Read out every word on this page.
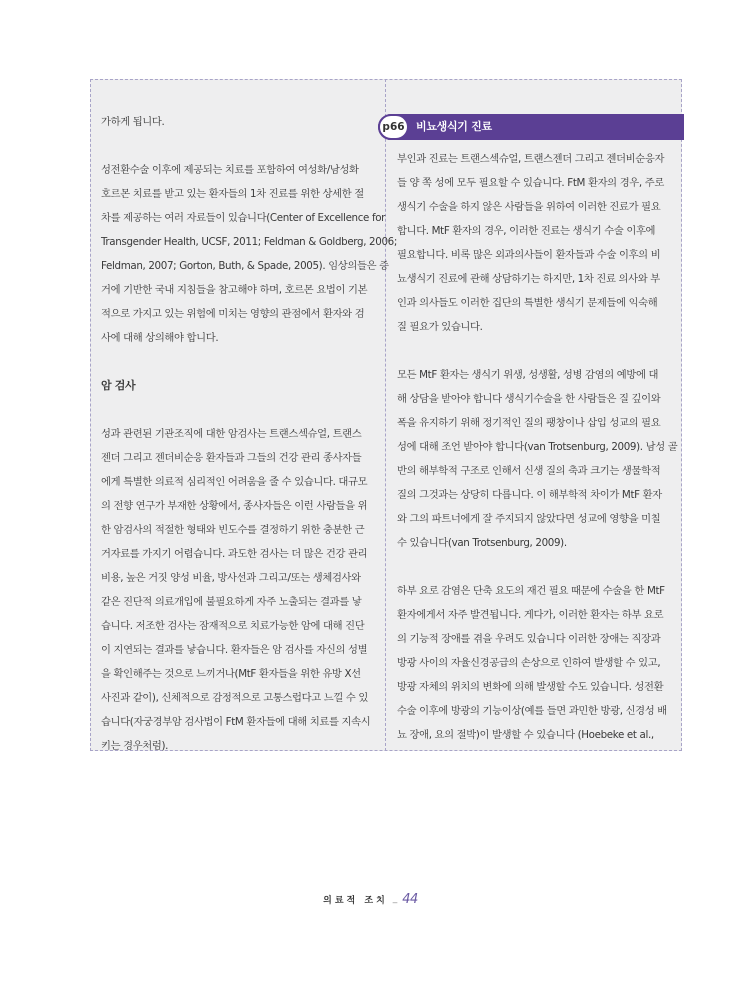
p66	비뇨생식기 진료
가하게 됩니다.
성전환수술 이후에 제공되는 치료를 포함하여 여성화/남성화
호르몬 치료를 받고 있는 환자들의 1차 진료를 위한 상세한 절
차를 제공하는 여러 자료들이 있습니다(Center of Excellence for
Transgender Health, UCSF, 2011; Feldman & Goldberg, 2006;
Feldman, 2007; Gorton, Buth, & Spade, 2005). 임상의들은 증
거에 기반한 국내 지침들을 참고해야 하며, 호르몬 요법이 기본
적으로 가지고 있는 위험에 미치는 영향의 관점에서 환자와 검
사에 대해 상의해야 합니다.
암 검사
성과 관련된 기관조직에 대한 암검사는 트랜스섹슈얼, 트랜스
젠더 그리고 젠더비순응 환자들과 그들의 건강 관리 종사자들
에게 특별한 의료적 심리적인 어려움을 줄 수 있습니다. 대규모
의 전향 연구가 부재한 상황에서, 종사자들은 이런 사람들을 위
한 암검사의 적절한 형태와 빈도수를 결정하기 위한 충분한 근
거자료를 가지기 어렵습니다. 과도한 검사는 더 많은 건강 관리
비용, 높은 거짓 양성 비율, 방사선과 그리고/또는 생체검사와
같은 진단적 의료개입에 불필요하게 자주 노출되는 결과를 낳
습니다. 저조한 검사는 잠재적으로 치료가능한 암에 대해 진단
이 지연되는 결과를 낳습니다. 환자들은 암 검사를 자신의 성별
을 확인해주는 것으로 느끼거나(MtF 환자들을 위한 유방 X선
사진과 같이), 신체적으로 감정적으로 고통스럽다고 느낄 수 있
습니다(자궁경부암 검사법이 FtM 환자들에 대해 치료를 지속시
키는 경우처럼).
부인과 진료는 트랜스섹슈얼, 트랜스젠더 그리고 젠더비순응자
들 양 쪽 성에 모두 필요할 수 있습니다. FtM 환자의 경우, 주로
생식기 수술을 하지 않은 사람들을 위하여 이러한 진료가 필요
합니다. MtF 환자의 경우, 이러한 진료는 생식기 수술 이후에
필요합니다. 비록 많은 외과의사들이 환자들과 수술 이후의 비
뇨생식기 진료에 관해 상담하기는 하지만, 1차 진료 의사와 부
인과 의사들도 이러한 집단의 특별한 생식기 문제들에 익숙해
질 필요가 있습니다.
모든 MtF 환자는 생식기 위생, 성생활, 성병 감염의 예방에 대
해 상담을 받아야 합니다 생식기수술을 한 사람들은 질 깊이와
폭을 유지하기 위해 정기적인 질의 팽창이나 삽입 성교의 필요
성에 대해 조언 받아야 합니다(van Trotsenburg, 2009). 남성 골
반의 해부학적 구조로 인해서 신생 질의 축과 크기는 생물학적
질의 그것과는 상당히 다릅니다. 이 해부학적 차이가 MtF 환자
와 그의 파트너에게 잘 주지되지 않았다면 성교에 영향을 미칠
수 있습니다(van Trotsenburg, 2009).
하부 요로 감염은 단축 요도의 재건 필요 때문에 수술을 한 MtF
환자에게서 자주 발견됩니다. 게다가, 이러한 환자는 하부 요로
의 기능적 장애를 겪을 우려도 있습니다 이러한 장애는 직장과
방광 사이의 자율신경공급의 손상으로 인하여 발생할 수 있고,
방광 자체의 위치의 변화에 의해 발생할 수도 있습니다. 성전환
수술 이후에 방광의 기능이상(예를 들면 과민한 방광, 신경성 배
뇨 장애, 요의 절박)이 발생할 수 있습니다 (Hoebeke et al.,
의료적 조치 _ 44
